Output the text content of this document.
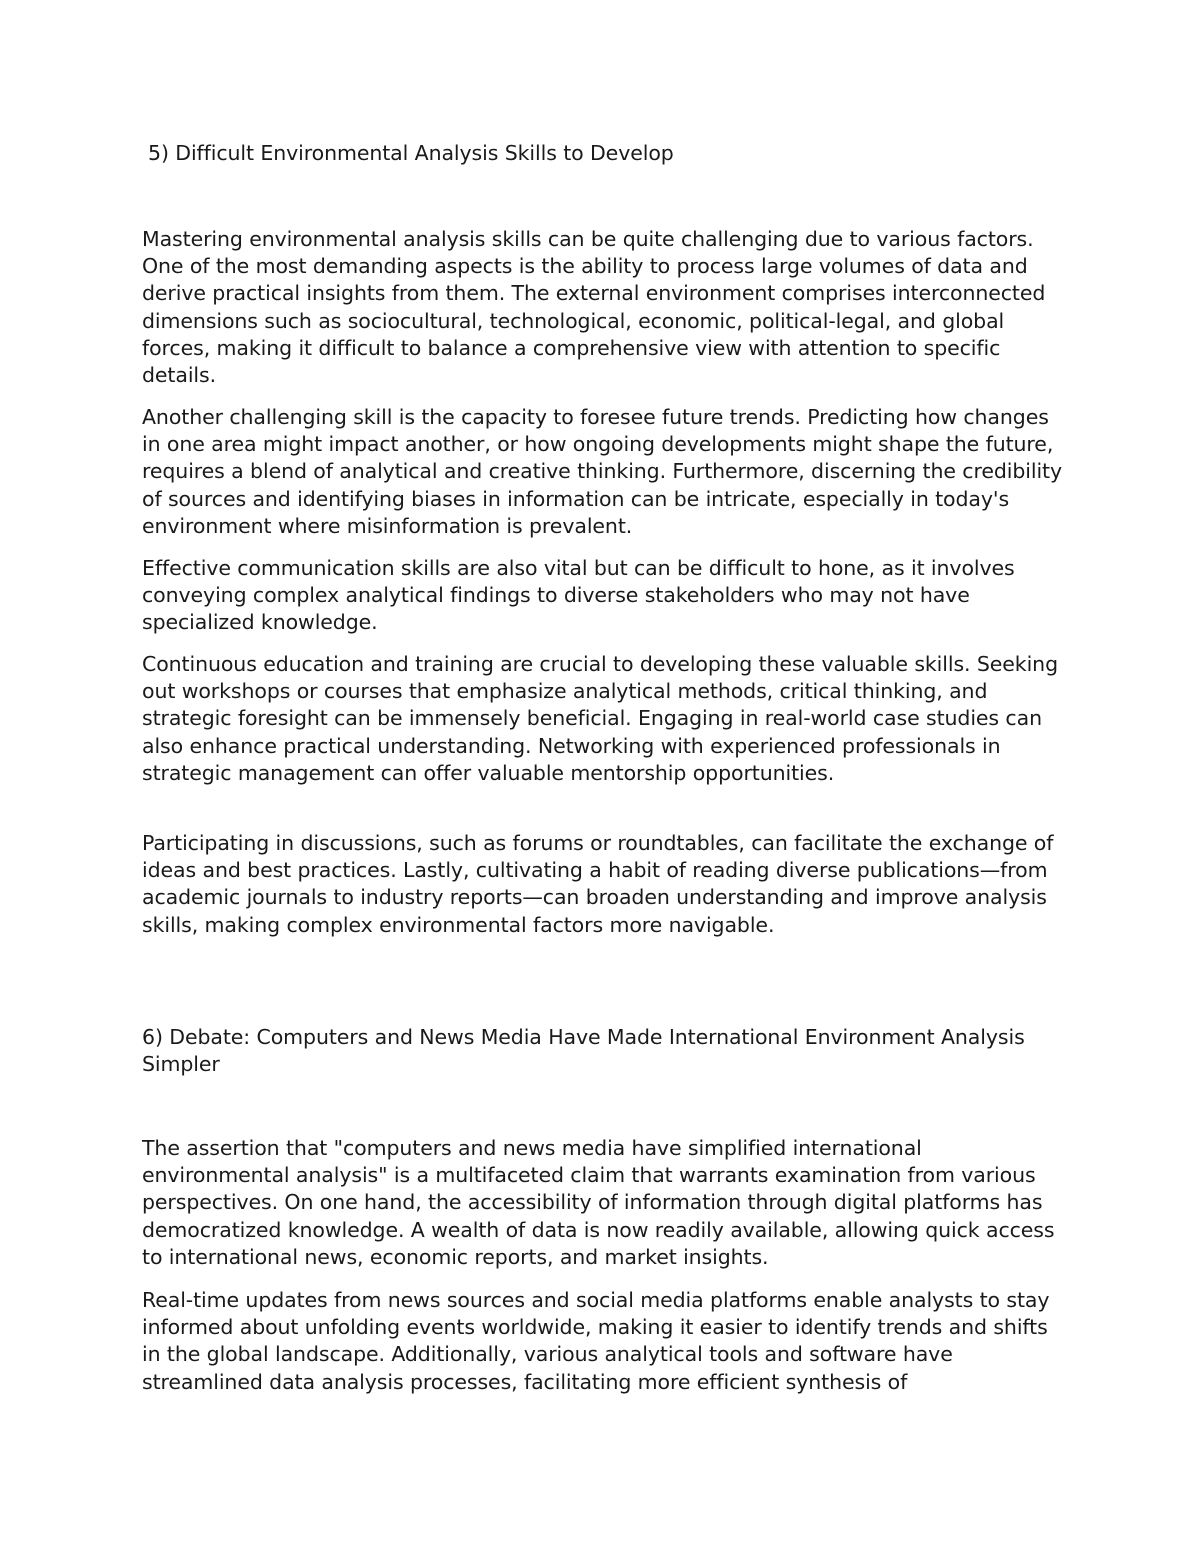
5) Difficult Environmental Analysis Skills to Develop

Mastering environmental analysis skills can be quite challenging due to various factors. One of the most demanding aspects is the ability to process large volumes of data and derive practical insights from them. The external environment comprises interconnected dimensions such as sociocultural, technological, economic, political-legal, and global forces, making it difficult to balance a comprehensive view with attention to specific details.

Another challenging skill is the capacity to foresee future trends. Predicting how changes in one area might impact another, or how ongoing developments might shape the future, requires a blend of analytical and creative thinking. Furthermore, discerning the credibility of sources and identifying biases in information can be intricate, especially in today's environment where misinformation is prevalent.

Effective communication skills are also vital but can be difficult to hone, as it involves conveying complex analytical findings to diverse stakeholders who may not have specialized knowledge.

Continuous education and training are crucial to developing these valuable skills. Seeking out workshops or courses that emphasize analytical methods, critical thinking, and strategic foresight can be immensely beneficial. Engaging in real-world case studies can also enhance practical understanding. Networking with experienced professionals in strategic management can offer valuable mentorship opportunities.

Participating in discussions, such as forums or roundtables, can facilitate the exchange of ideas and best practices. Lastly, cultivating a habit of reading diverse publications—from academic journals to industry reports—can broaden understanding and improve analysis skills, making complex environmental factors more navigable.

6) Debate: Computers and News Media Have Made International Environment Analysis Simpler

The assertion that "computers and news media have simplified international environmental analysis" is a multifaceted claim that warrants examination from various perspectives. On one hand, the accessibility of information through digital platforms has democratized knowledge. A wealth of data is now readily available, allowing quick access to international news, economic reports, and market insights.

Real-time updates from news sources and social media platforms enable analysts to stay informed about unfolding events worldwide, making it easier to identify trends and shifts in the global landscape. Additionally, various analytical tools and software have streamlined data analysis processes, facilitating more efficient synthesis of
